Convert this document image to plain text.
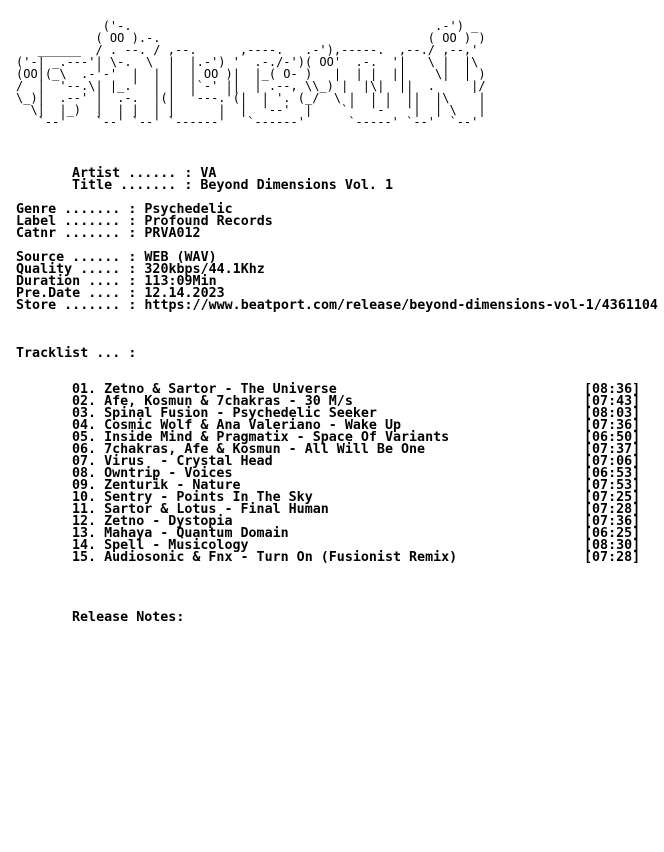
('-.                                          .-') _
( OO ).-.                                     ( OO ) )
______  / . --. / ,--.      ,----.   .-'),-----.  ,--./ ,--,'
('-| _.---'| \-.  \  |  |.-') '  .-./-')( OO'  .-.  '|   \ |  |\
(OO|(_\  .-'-'  |  | |  | OO )|  |_( O- )   |  | |  ||    \|  | )
/  |  '--.\| |_.'  | |  |`-' ||  | .--, \\_) |  |\|  ||  .     |/
\_)|  .--' |  .-.  |(|  '---.'(|  | '. (_/  \ |  | |  ||  |\    |
\|  |_)  |  | |  | |      |  |  '--'  |    `'  '-'  '|  | \   |
`--'    `--' `--' `------'   `------'      `-----' `--'  `--'
Artist ...... : VA
Title ....... : Beyond Dimensions Vol. 1
Genre ....... : Psychedelic
Label ....... : Profound Records
Catnr ....... : PRVA012
Source ...... : WEB (WAV)
Quality ..... : 320kbps/44.1Khz
Duration .... : 113:09Min
Pre.Date .... : 12.14.2023
Store ....... : https://www.beatport.com/release/beyond-dimensions-vol-1/4361104
Tracklist ... :
01. Zetno & Sartor - The Universe	[08:36]
02. Afe, Kosmun & 7chakras - 30 M/s	[07:43]
03. Spinal Fusion - Psychedelic Seeker	[08:03]
04. Cosmic Wolf & Ana Valeriano - Wake Up	[07:36]
05. Inside Mind & Pragmatix - Space Of Variants	[06:50]
06. 7chakras, Afe & Kosmun - All Will Be One	[07:37]
07. Virus  - Crystal Head	[07:06]
08. Owntrip - Voices	[06:53]
09. Zenturik - Nature	[07:53]
10. Sentry - Points In The Sky	[07:25]
11. Sartor & Lotus - Final Human	[07:28]
12. Zetno - Dystopia	[07:36]
13. Mahaya - Quantum Domain	[06:25]
14. Spell - Musicology	[08:30]
15. Audiosonic & Fnx - Turn On (Fusionist Remix)	[07:28]
Release Notes:
